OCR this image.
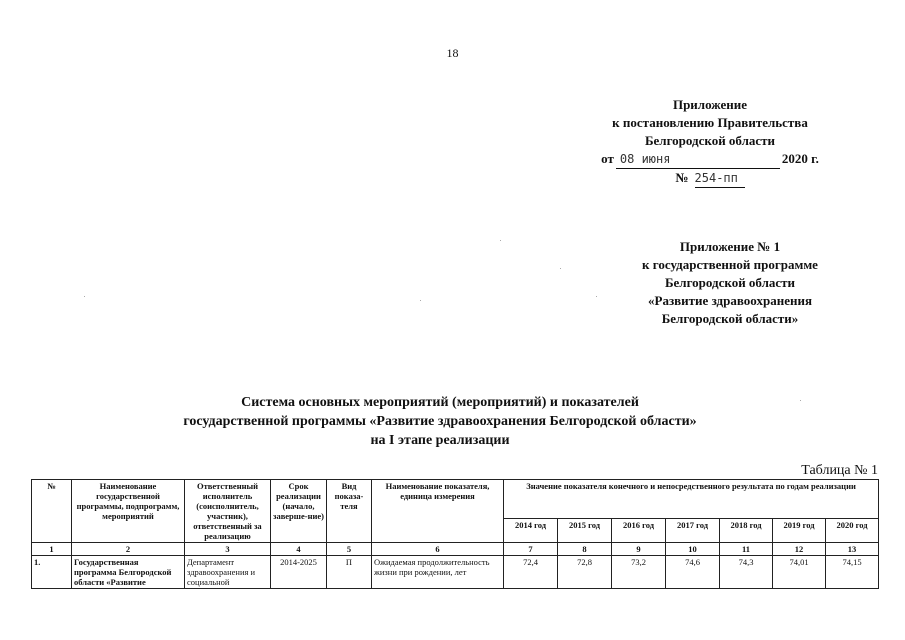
18
Приложение
к постановлению Правительства
Белгородской области
от 08 июня	2020 г.
№ 254-пп
Приложение № 1
к государственной программе
Белгородской области
«Развитие здравоохранения
Белгородской области»
Система основных мероприятий (мероприятий) и показателей
государственной программы «Развитие здравоохранения Белгородской области»
на I этапе реализации
Таблица № 1
№	Наименование государственной программы, подпрограмм, мероприятий	Ответственный исполнитель (соисполнитель, участник), ответственный за реализацию	Срок реализации (начало, заверше-ние)	Вид показа-теля	Наименование показателя, единица измерения	Значение показателя конечного и непосредственного результата по годам реализации						
						2014 год	2015 год	2016 год	2017 год	2018 год	2019 год	2020 год
1	2	3	4	5	6	7	8	9	10	11	12	13
1.	Государственная программа Белгородской области «Развитие	Департамент здравоохранения и социальной	2014-2025	П	Ожидаемая продолжительность жизни при рождении, лет	72,4	72,8	73,2	74,6	74,3	74,01	74,15
